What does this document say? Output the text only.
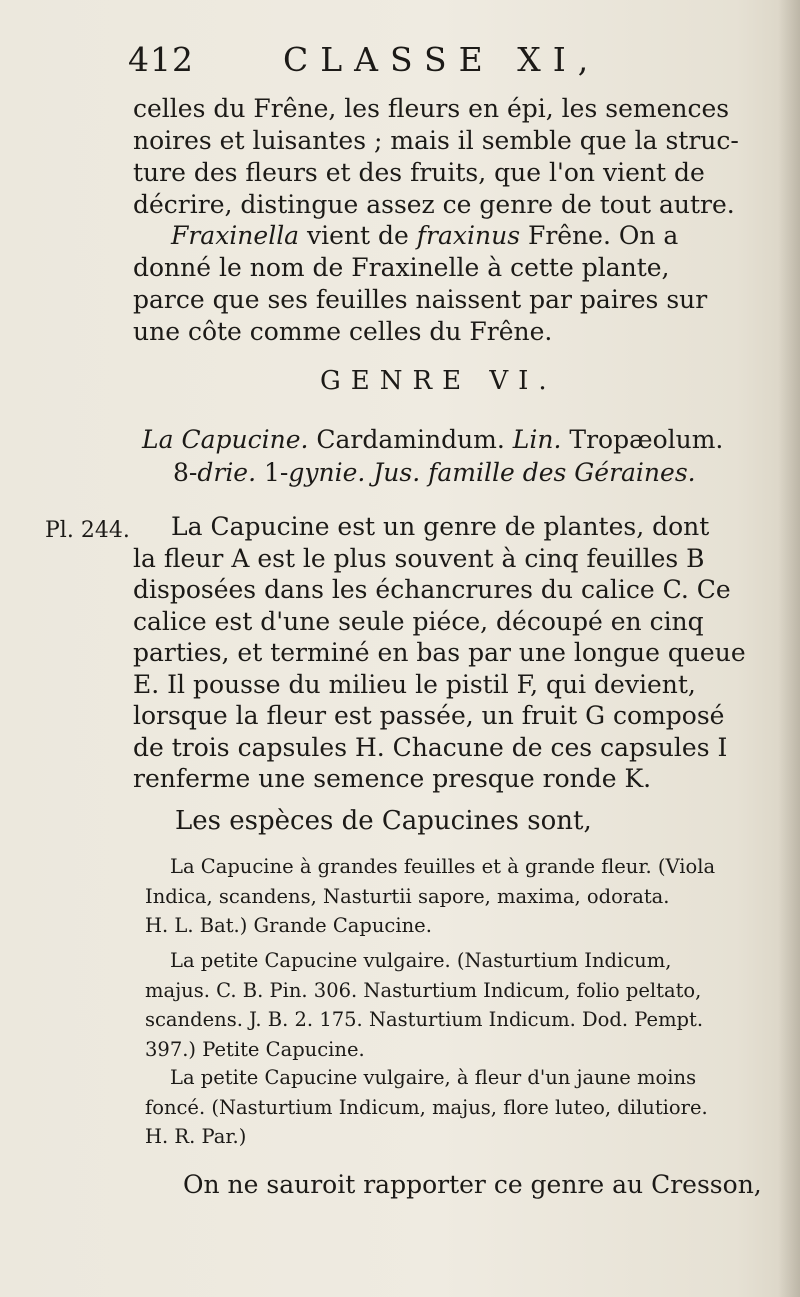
412	CLASSE XI,
celles du Frêne, les fleurs en épi, les semences
noires et luisantes ; mais il semble que la struc-
ture des fleurs et des fruits, que l'on vient de
décrire, distingue assez ce genre de tout autre.
Fraxinella vient de fraxinus Frêne. On a
donné le nom de Fraxinelle à cette plante,
parce que ses feuilles naissent par paires sur
une côte comme celles du Frêne.
GENRE VI.
La Capucine. Cardamindum. Lin. Tropæolum.
8-drie. 1-gynie. Jus. famille des Géraines.
Pl. 244.	La Capucine est un genre de plantes, dont
la fleur A est le plus souvent à cinq feuilles B
disposées dans les échancrures du calice C. Ce
calice est d'une seule piéce, découpé en cinq
parties, et terminé en bas par une longue queue
E. Il pousse du milieu le pistil F, qui devient,
lorsque la fleur est passée, un fruit G composé
de trois capsules H. Chacune de ces capsules I
renferme une semence presque ronde K.
Les espèces de Capucines sont,
La Capucine à grandes feuilles et à grande fleur. (Viola
Indica, scandens, Nasturtii sapore, maxima, odorata.
H. L. Bat.) Grande Capucine.
La petite Capucine vulgaire. (Nasturtium Indicum,
majus. C. B. Pin. 306. Nasturtium Indicum, folio peltato,
scandens. J. B. 2. 175. Nasturtium Indicum. Dod. Pempt.
397.) Petite Capucine.
La petite Capucine vulgaire, à fleur d'un jaune moins
foncé. (Nasturtium Indicum, majus, flore luteo, dilutiore.
H. R. Par.)
On ne sauroit rapporter ce genre au Cresson,
